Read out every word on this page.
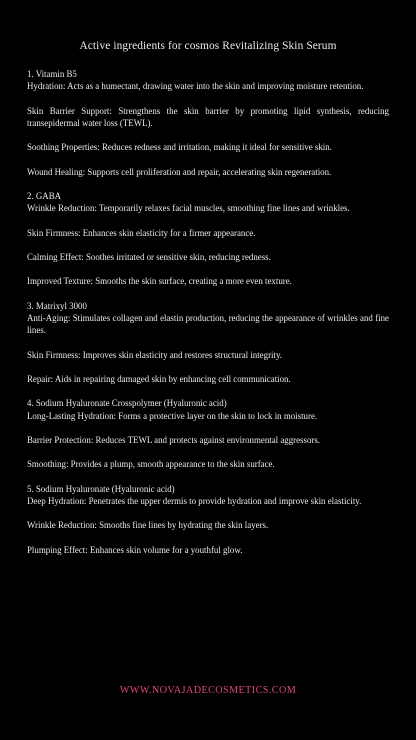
Active ingredients for cosmos Revitalizing Skin Serum
1. Vitamin B5
Hydration: Acts as a humectant, drawing water into the skin and improving moisture retention.
Skin Barrier Support: Strengthens the skin barrier by promoting lipid synthesis, reducing transepidermal water loss (TEWL).
Soothing Properties: Reduces redness and irritation, making it ideal for sensitive skin.
Wound Healing: Supports cell proliferation and repair, accelerating skin regeneration.
2. GABA
Wrinkle Reduction: Temporarily relaxes facial muscles, smoothing fine lines and wrinkles.
Skin Firmness: Enhances skin elasticity for a firmer appearance.
Calming Effect: Soothes irritated or sensitive skin, reducing redness.
Improved Texture: Smooths the skin surface, creating a more even texture.
3. Matrixyl 3000
Anti-Aging: Stimulates collagen and elastin production, reducing the appearance of wrinkles and fine lines.
Skin Firmness: Improves skin elasticity and restores structural integrity.
Repair: Aids in repairing damaged skin by enhancing cell communication.
4. Sodium Hyaluronate Crosspolymer (Hyaluronic acid)
Long-Lasting Hydration: Forms a protective layer on the skin to lock in moisture.
Barrier Protection: Reduces TEWL and protects against environmental aggressors.
Smoothing: Provides a plump, smooth appearance to the skin surface.
5. Sodium Hyaluronate (Hyaluronic acid)
Deep Hydration: Penetrates the upper dermis to provide hydration and improve skin elasticity.
Wrinkle Reduction: Smooths fine lines by hydrating the skin layers.
Plumping Effect: Enhances skin volume for a youthful glow.
WWW.NOVAJADECOSMETICS.COM
